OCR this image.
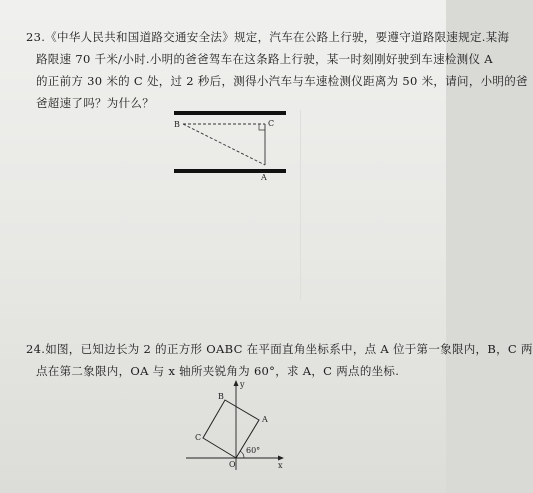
23.《中华人民共和国道路交通安全法》规定，汽车在公路上行驶，要遵守道路限速规定.某海
路限速 70 千米/小时.小明的爸爸驾车在这条路上行驶，某一时刻刚好驶到车速检测仪 A
的正前方 30 米的 C 处，过 2 秒后，测得小汽车与车速检测仪距离为 50 米，请问，小明的爸
爸超速了吗？为什么？
B	C
A
24.如图，已知边长为 2 的正方形 OABC 在平面直角坐标系中，点 A 位于第一象限内，B，C 两
点在第二象限内，OA 与 x 轴所夹锐角为 60°，求 A，C 两点的坐标.
60°
B
A
C
O	x
y
